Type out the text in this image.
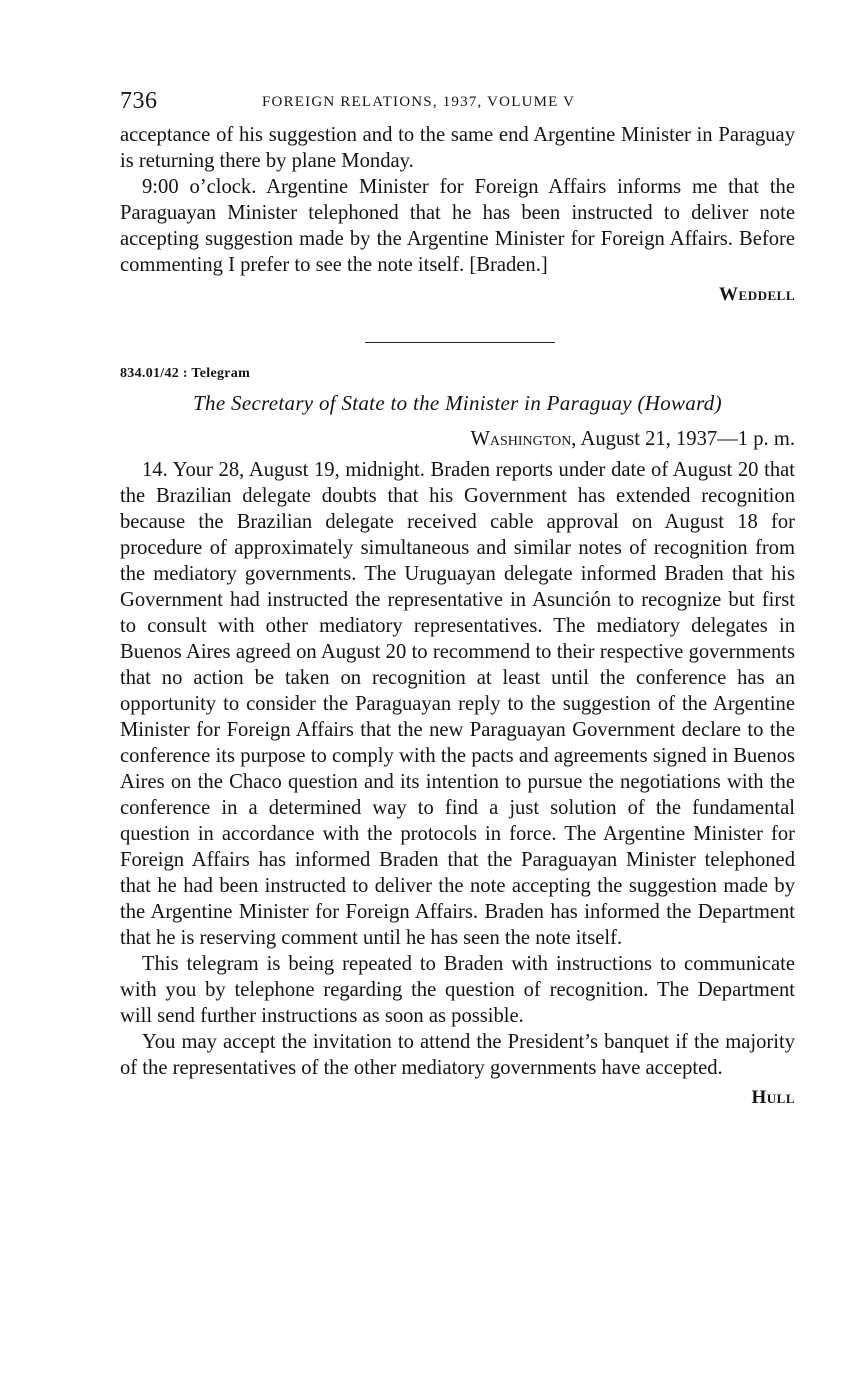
736	FOREIGN RELATIONS, 1937, VOLUME V

acceptance of his suggestion and to the same end Argentine Minister in Paraguay is returning there by plane Monday.

9:00 o’clock. Argentine Minister for Foreign Affairs informs me that the Paraguayan Minister telephoned that he has been instructed to deliver note accepting suggestion made by the Argentine Minister for Foreign Affairs. Before commenting I prefer to see the note itself. [Braden.]

Weddell

834.01/42 : Telegram

The Secretary of State to the Minister in Paraguay (Howard)

Washington, August 21, 1937—1 p. m.

14. Your 28, August 19, midnight. Braden reports under date of August 20 that the Brazilian delegate doubts that his Government has extended recognition because the Brazilian delegate received cable approval on August 18 for procedure of approximately simultaneous and similar notes of recognition from the mediatory governments. The Uruguayan delegate informed Braden that his Government had instructed the representative in Asunción to recognize but first to consult with other mediatory representatives. The mediatory delegates in Buenos Aires agreed on August 20 to recommend to their respective governments that no action be taken on recognition at least until the conference has an opportunity to consider the Paraguayan reply to the suggestion of the Argentine Minister for Foreign Affairs that the new Paraguayan Government declare to the conference its purpose to comply with the pacts and agreements signed in Buenos Aires on the Chaco question and its intention to pursue the negotiations with the conference in a determined way to find a just solution of the fundamental question in accordance with the protocols in force. The Argentine Minister for Foreign Affairs has informed Braden that the Paraguayan Minister telephoned that he had been instructed to deliver the note accepting the suggestion made by the Argentine Minister for Foreign Affairs. Braden has informed the Department that he is reserving comment until he has seen the note itself.

This telegram is being repeated to Braden with instructions to communicate with you by telephone regarding the question of recognition. The Department will send further instructions as soon as possible.

You may accept the invitation to attend the President’s banquet if the majority of the representatives of the other mediatory governments have accepted.

Hull
